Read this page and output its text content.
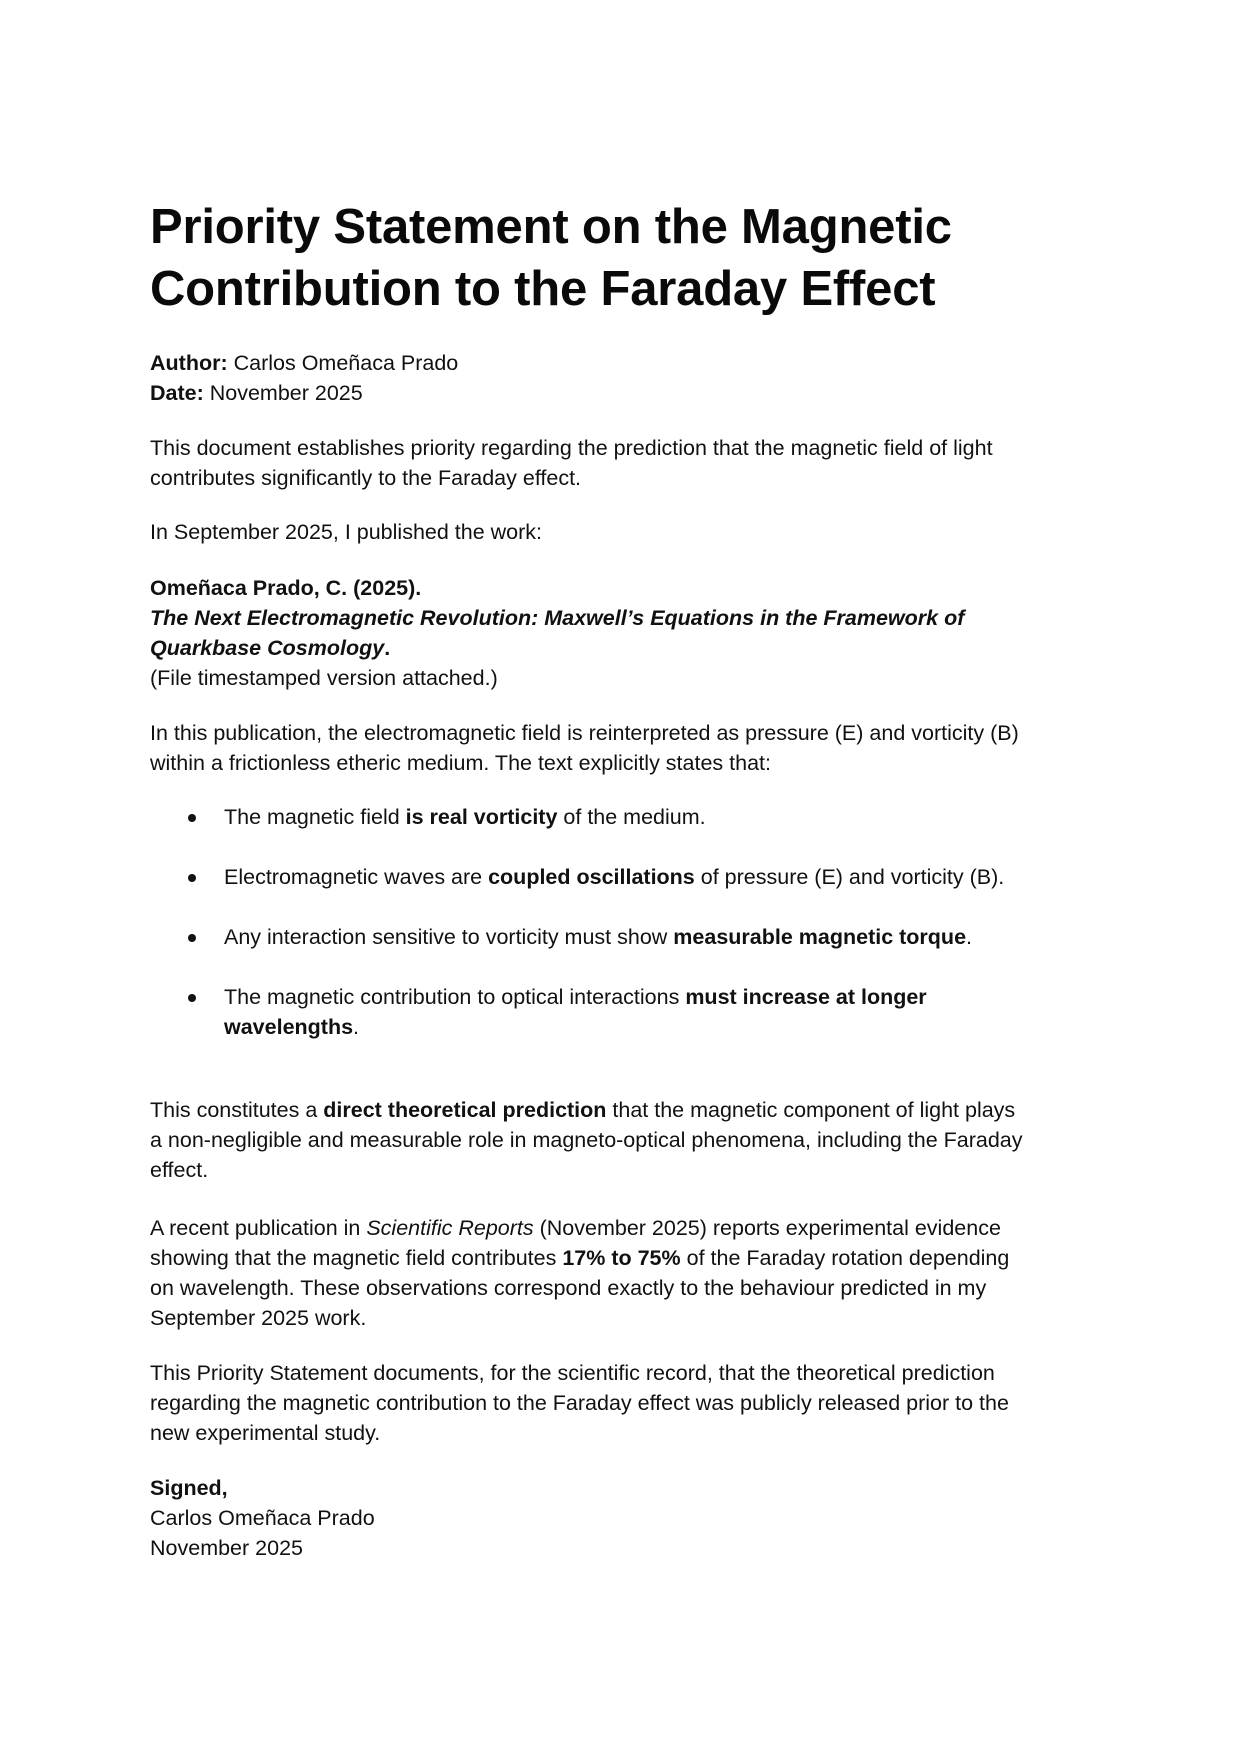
Priority Statement on the Magnetic
Contribution to the Faraday Effect

Author: Carlos Omeñaca Prado

Date: November 2025

This document establishes priority regarding the prediction that the magnetic field of light

contributes significantly to the Faraday effect.

In September 2025, I published the work:

Omeñaca Prado, C. (2025).

The Next Electromagnetic Revolution: Maxwell’s Equations in the Framework of

Quarkbase Cosmology.

(File timestamped version attached.)

In this publication, the electromagnetic field is reinterpreted as pressure (E) and vorticity (B)

within a frictionless etheric medium. The text explicitly states that:

The magnetic field is real vorticity of the medium.
Electromagnetic waves are coupled oscillations of pressure (E) and vorticity (B).
Any interaction sensitive to vorticity must show measurable magnetic torque.
The magnetic contribution to optical interactions must increase at longer
wavelengths.

This constitutes a direct theoretical prediction that the magnetic component of light plays

a non-negligible and measurable role in magneto-optical phenomena, including the Faraday

effect.

A recent publication in Scientific Reports (November 2025) reports experimental evidence

showing that the magnetic field contributes 17% to 75% of the Faraday rotation depending

on wavelength. These observations correspond exactly to the behaviour predicted in my

September 2025 work.

This Priority Statement documents, for the scientific record, that the theoretical prediction

regarding the magnetic contribution to the Faraday effect was publicly released prior to the

new experimental study.

Signed,

Carlos Omeñaca Prado

November 2025
